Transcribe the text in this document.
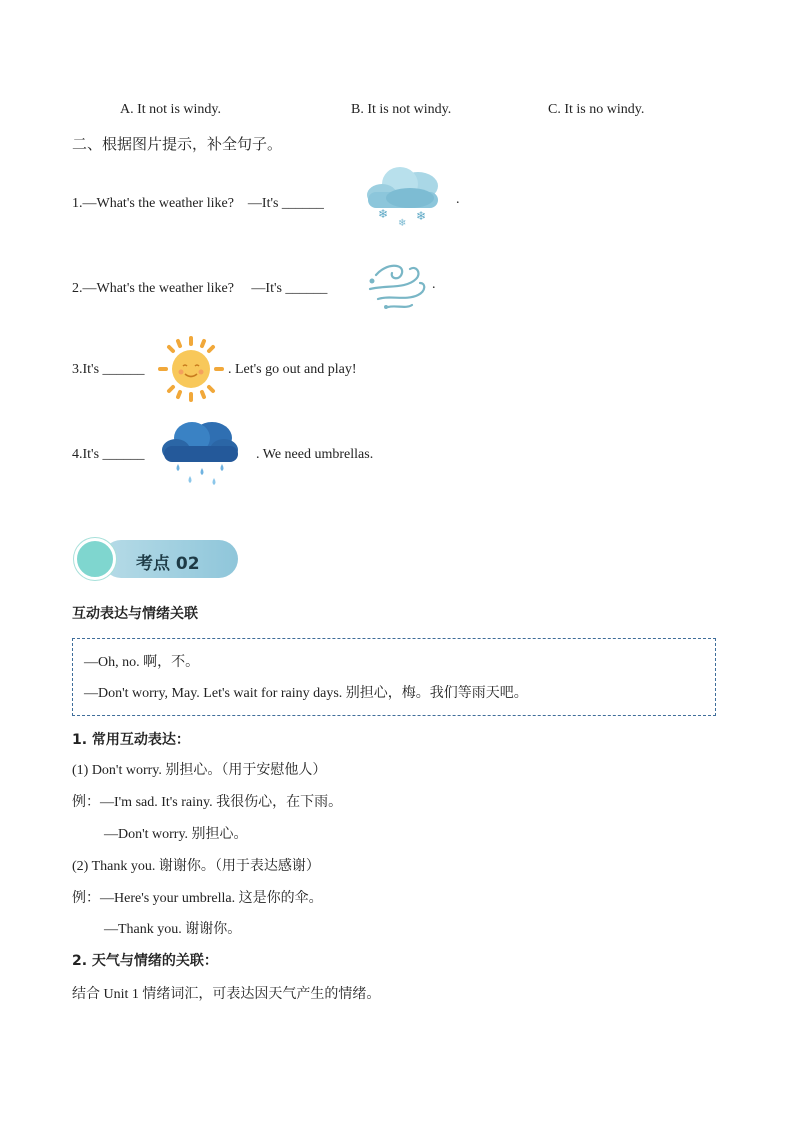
A. It not is windy.	B. It is not windy.	C. It is no windy.
二、根据图片提示，补全句子。
1.—What's the weather like?　—It's ______
❄
❄
❄
.
2.—What's the weather like?　 —It's ______	.
3.It's ______	. Let's go out and play!
4.It's ______	. We need umbrellas.
考点 02
互动表达与情绪关联
—Oh, no. 啊，不。
—Don't worry, May. Let's wait for rainy days. 别担心，梅。我们等雨天吧。
1. 常用互动表达：
(1) Don't worry. 别担心。（用于安慰他人）
例：—I'm sad. It's rainy. 我很伤心，在下雨。
—Don't worry. 别担心。
(2) Thank you. 谢谢你。（用于表达感谢）
例：—Here's your umbrella. 这是你的伞。
—Thank you. 谢谢你。
2. 天气与情绪的关联：
结合 Unit 1 情绪词汇，可表达因天气产生的情绪。
